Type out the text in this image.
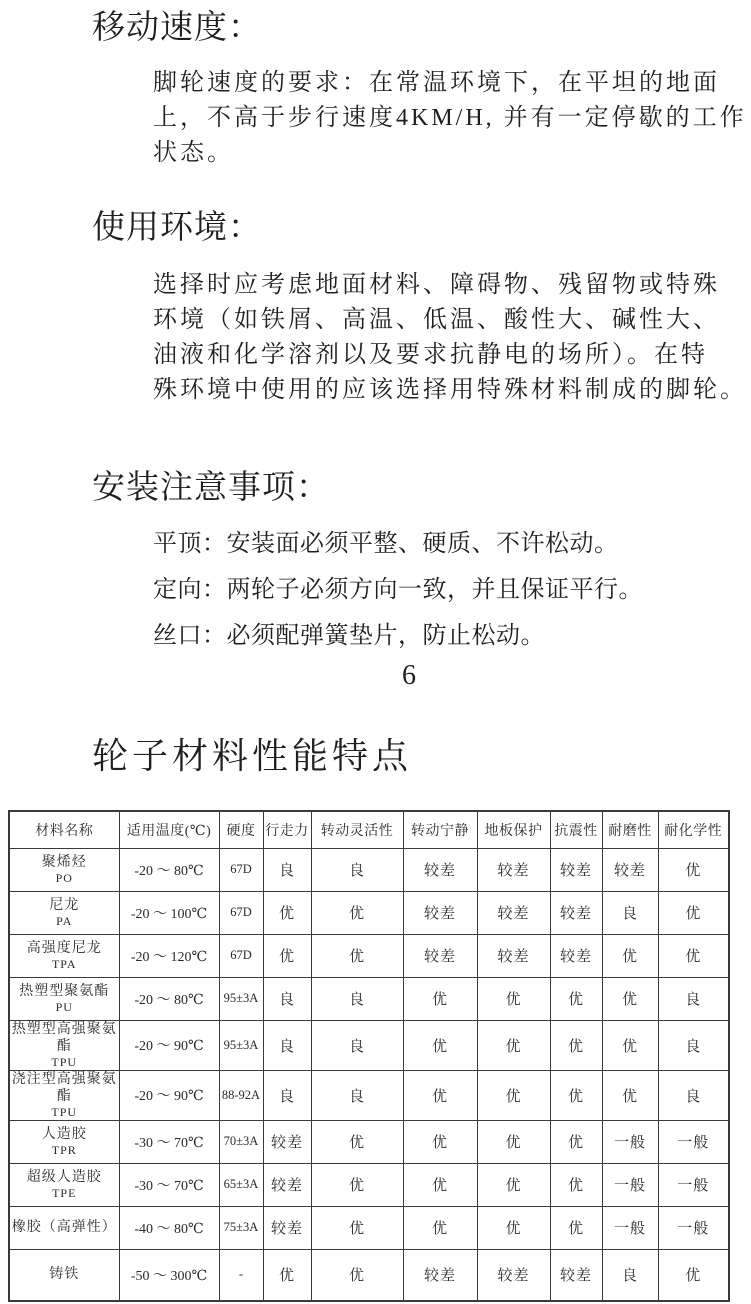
移动速度：
脚轮速度的要求：在常温环境下，在平坦的地面
上，不高于步行速度4KM/H, 并有一定停歇的工作
状态。
使用环境：
选择时应考虑地面材料、障碍物、残留物或特殊
环境（如铁屑、高温、低温、酸性大、碱性大、
油液和化学溶剂以及要求抗静电的场所）。在特
殊环境中使用的应该选择用特殊材料制成的脚轮。
安装注意事项：
平顶：安装面必须平整、硬质、不许松动。
定向：两轮子必须方向一致，并且保证平行。
丝口：必须配弹簧垫片，防止松动。
6
轮子材料性能特点
材料名称	适用温度(℃)	硬度	行走力	转动灵活性	转动宁静	地板保护	抗震性	耐磨性	耐化学性

聚烯烃
PO	-20 ～ 80℃	67D	良	良	较差	较差	较差	较差	优

尼龙
PA	-20 ～ 100℃	67D	优	优	较差	较差	较差	良	优

高强度尼龙
TPA	-20 ～ 120℃	67D	优	优	较差	较差	较差	优	优

热塑型聚氨酯
PU	-20 ～ 80℃	95±3A	良	良	优	优	优	优	良

热塑型高强聚氨酯
TPU	-20 ～ 90℃	95±3A	良	良	优	优	优	优	良

浇注型高强聚氨酯
TPU	-20 ～ 90℃	88-92A	良	良	优	优	优	优	良

人造胶
TPR	-30 ～ 70℃	70±3A	较差	优	优	优	优	一般	一般

超级人造胶
TPE	-30 ～ 70℃	65±3A	较差	优	优	优	优	一般	一般

橡胶（高弹性）	-40 ～ 80℃	75±3A	较差	优	优	优	优	一般	一般

铸铁	-50 ～ 300℃	-	优	优	较差	较差	较差	良	优
